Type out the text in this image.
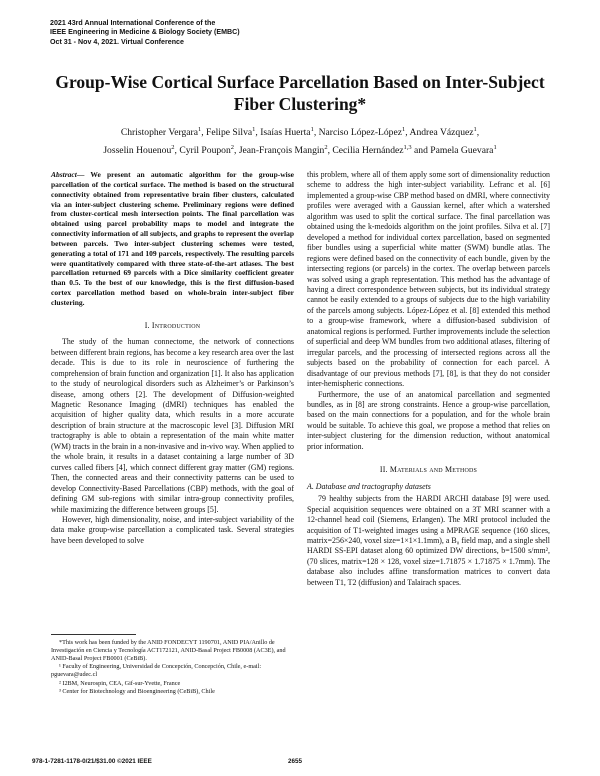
2021 43rd Annual International Conference of the
IEEE Engineering in Medicine & Biology Society (EMBC)
Oct 31 - Nov 4, 2021. Virtual Conference
Group-Wise Cortical Surface Parcellation Based on Inter-Subject Fiber Clustering*
Christopher Vergara$^1$, Felipe Silva$^1$, Isaías Huerta$^1$, Narciso López-López$^1$, Andrea Vázquez$^1$,
Josselin Houenou$^2$, Cyril Poupon$^2$, Jean-François Mangin$^2$, Cecilia Hernández$^{1,3}$ and Pamela Guevara$^1$

Abstract— We present an automatic algorithm for the group-wise parcellation of the cortical surface. The method is based on the structural connectivity obtained from representative brain fiber clusters, calculated via an inter-subject clustering scheme. Preliminary regions were defined from cluster-cortical mesh intersection points. The final parcellation was obtained using parcel probability maps to model and integrate the connectivity information of all subjects, and graphs to represent the overlap between parcels. Two inter-subject clustering schemes were tested, generating a total of 171 and 109 parcels, respectively. The resulting parcels were quantitatively compared with three state-of-the-art atlases. The best parcellation returned 69 parcels with a Dice similarity coefficient greater than 0.5. To the best of our knowledge, this is the first diffusion-based cortex parcellation method based on whole-brain inter-subject fiber clustering.

I. Introduction

The study of the human connectome, the network of connections between different brain regions, has become a key research area over the last decade. This is due to its role in neuroscience of furthering the comprehension of brain function and organization [1]. It also has application to the study of neurological disorders such as Alzheimer’s or Parkinson’s disease, among others [2]. The development of Diffusion-weighted Magnetic Resonance Imaging (dMRI) techniques has enabled the acquisition of higher quality data, which results in a more accurate description of brain structure at the macroscopic level [3]. Diffusion MRI tractography is able to obtain a representation of the main white matter (WM) tracts in the brain in a non-invasive and in-vivo way. When applied to the whole brain, it results in a dataset containing a large number of 3D curves called fibers [4], which connect different gray matter (GM) regions. Then, the connected areas and their connectivity patterns can be used to develop Connectivity-Based Parcellations (CBP) methods, with the goal of defining GM sub-regions with similar intra-group connectivity profiles, while maximizing the difference between groups [5].

However, high dimensionality, noise, and inter-subject variability of the data make group-wise parcellation a complicated task. Several strategies have been developed to solve

*This work has been funded by the ANID FONDECYT 1190701, ANID PIA/Anillo de Investigación en Ciencia y Tecnología ACT172121, ANID-Basal Project FB0008 (AC3E), and ANID-Basal Project FB0001 (CeBiB).
¹ Faculty of Engineering, Universidad de Concepción, Concepción, Chile, e-mail: pguevara@udec.cl
² I2BM, Neurospin, CEA, Gif-sur-Yvette, France
³ Center for Biotechnology and Bioengineering (CeBiB), Chile

this problem, where all of them apply some sort of dimensionality reduction scheme to address the high inter-subject variability. Lefranc et al. [6] implemented a group-wise CBP method based on dMRI, where connectivity profiles were averaged with a Gaussian kernel, after which a watershed algorithm was used to split the cortical surface. The final parcellation was obtained using the k-medoids algorithm on the joint profiles. Silva et al. [7] developed a method for individual cortex parcellation, based on segmented fiber bundles using a superficial white matter (SWM) bundle atlas. The regions were defined based on the connectivity of each bundle, given by the intersecting regions (or parcels) in the cortex. The overlap between parcels was solved using a graph representation. This method has the advantage of having a direct correspondence between subjects, but its individual strategy cannot be easily extended to a groups of subjects due to the high variability of the parcels among subjects. López-López et al. [8] extended this method to a group-wise framework, where a diffusion-based subdivision of anatomical regions is performed. Further improvements include the selection of superficial and deep WM bundles from two additional atlases, filtering of irregular parcels, and the processing of intersected regions across all the subjects based on the probability of connection for each parcel. A disadvantage of our previous methods [7], [8], is that they do not consider inter-hemispheric connections.

Furthermore, the use of an anatomical parcellation and segmented bundles, as in [8] are strong constraints. Hence a group-wise parcellation, based on the main connections for a population, and for the whole brain would be suitable. To achieve this goal, we propose a method that relies on inter-subject clustering for the dimension reduction, without anatomical prior information.

II. Materials and Methods
A. Database and tractography datasets

79 healthy subjects from the HARDI ARCHI database [9] were used. Special acquisition sequences were obtained on a 3T MRI scanner with a 12-channel head coil (Siemens, Erlangen). The MRI protocol included the acquisition of T1-weighted images using a MPRAGE sequence (160 slices, matrix=256×240, voxel size=1×1×1.1mm), a B₀ field map, and a single shell HARDI SS-EPI dataset along 60 optimized DW directions, b=1500 s/mm², (70 slices, matrix=128 × 128, voxel size=1.71875 × 1.71875 × 1.7mm). The database also includes affine transformation matrices to convert data between T1, T2 (diffusion) and Talairach spaces.

978-1-7281-1178-0/21/$31.00 ©2021 IEEE	2655
